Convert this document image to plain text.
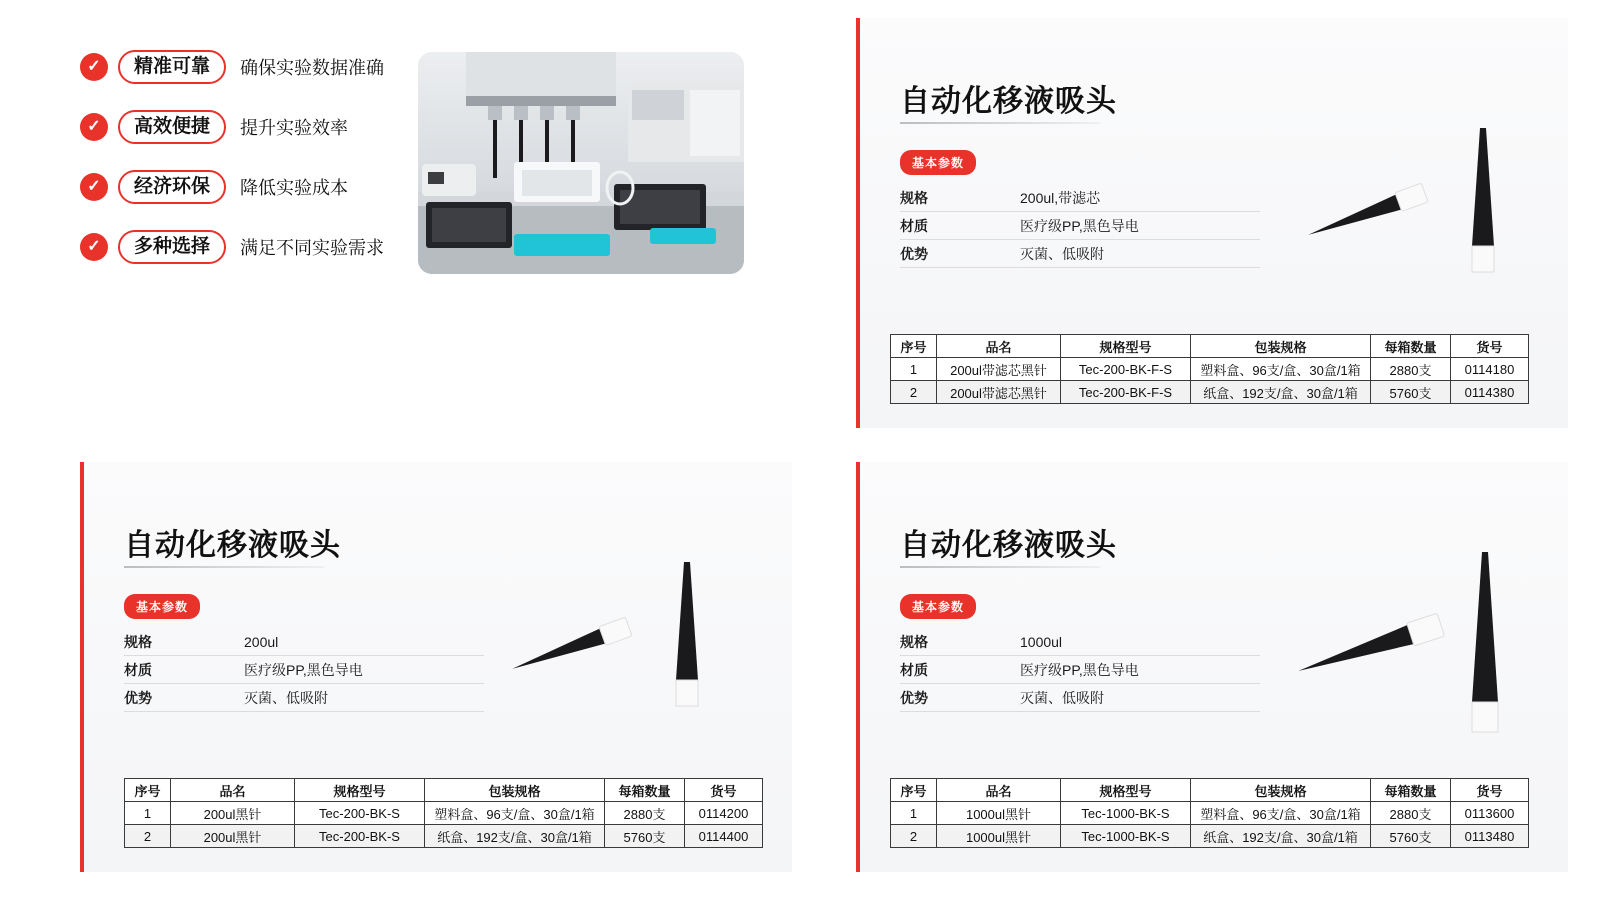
✓	精准可靠	确保实验数据准确
✓	高效便捷	提升实验效率
✓	经济环保	降低实验成本
✓	多种选择	满足不同实验需求
自动化移液吸头
基本参数
规格	200ul,带滤芯
材质	医疗级PP,黑色导电
优势	灭菌、低吸附
序号	品名	规格型号	包装规格	每箱数量	货号
1	200ul带滤芯黑针	Tec-200-BK-F-S	塑料盒、96支/盒、30盒/1箱	2880支	0114180
2	200ul带滤芯黑针	Tec-200-BK-F-S	纸盒、192支/盒、30盒/1箱	5760支	0114380
自动化移液吸头
基本参数
规格	200ul
材质	医疗级PP,黑色导电
优势	灭菌、低吸附
序号	品名	规格型号	包装规格	每箱数量	货号
1	200ul黑针	Tec-200-BK-S	塑料盒、96支/盒、30盒/1箱	2880支	0114200
2	200ul黑针	Tec-200-BK-S	纸盒、192支/盒、30盒/1箱	5760支	0114400
自动化移液吸头
基本参数
规格	1000ul
材质	医疗级PP,黑色导电
优势	灭菌、低吸附
序号	品名	规格型号	包装规格	每箱数量	货号
1	1000ul黑针	Tec-1000-BK-S	塑料盒、96支/盒、30盒/1箱	2880支	0113600
2	1000ul黑针	Tec-1000-BK-S	纸盒、192支/盒、30盒/1箱	5760支	0113480
